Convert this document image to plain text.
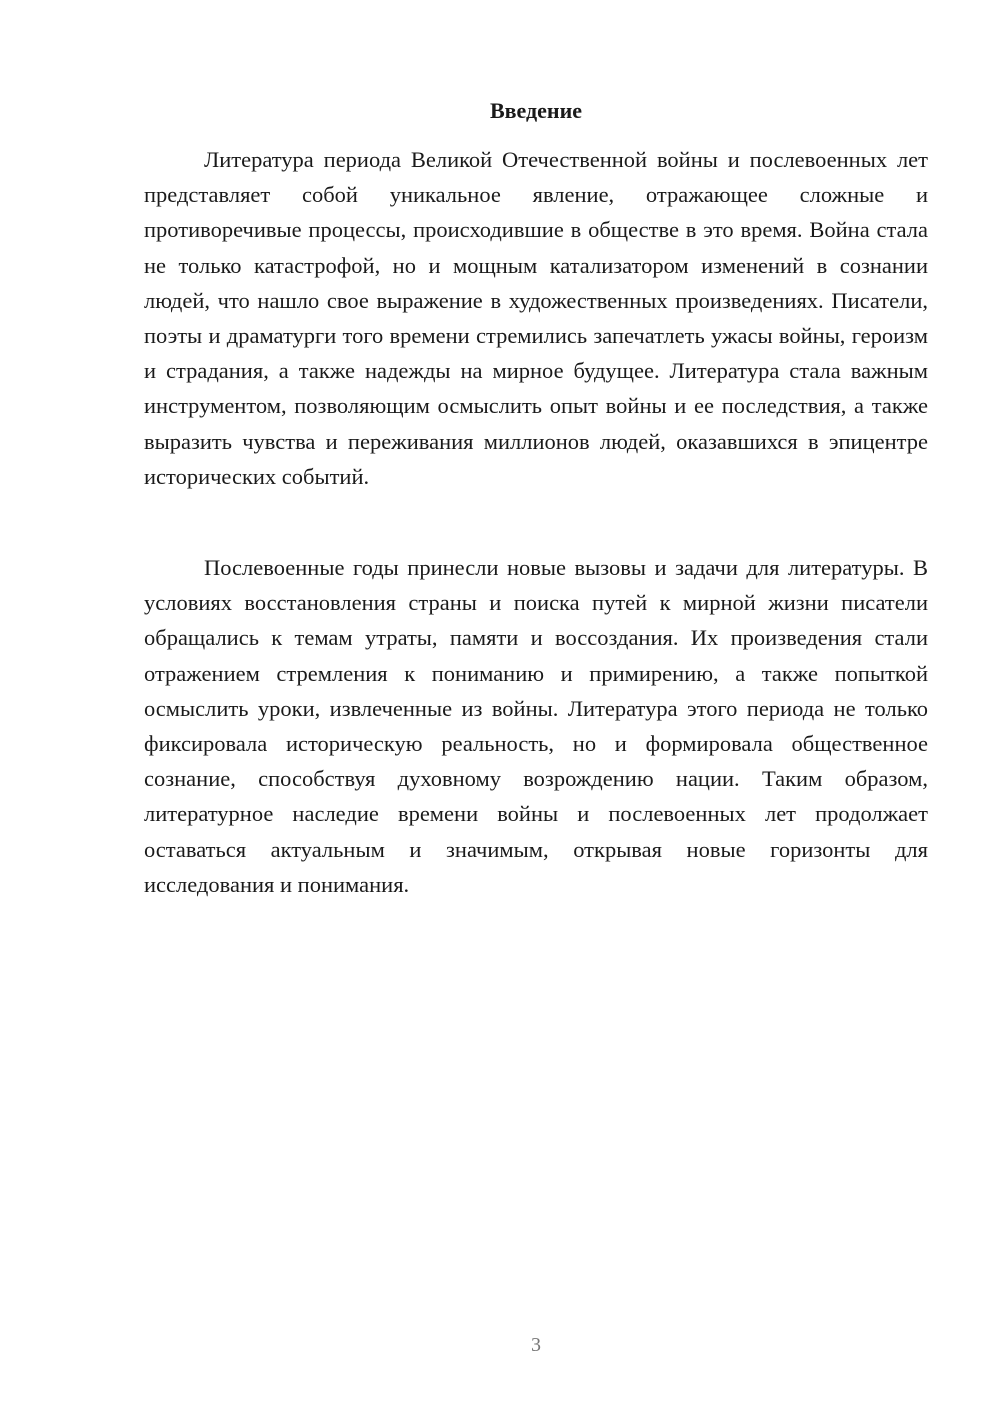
Введение

Литература периода Великой Отечественной войны и послевоенных лет представляет собой уникальное явление, отражающее сложные и противоречивые процессы, происходившие в обществе в это время. Война стала не только катастрофой, но и мощным катализатором изменений в сознании людей, что нашло свое выражение в художественных произведениях. Писатели, поэты и драматурги того времени стремились запечатлеть ужасы войны, героизм и страдания, а также надежды на мирное будущее. Литература стала важным инструментом, позволяющим осмыслить опыт войны и ее последствия, а также выразить чувства и переживания миллионов людей, оказавшихся в эпицентре исторических событий.

Послевоенные годы принесли новые вызовы и задачи для литературы. В условиях восстановления страны и поиска путей к мирной жизни писатели обращались к темам утраты, памяти и воссоздания. Их произведения стали отражением стремления к пониманию и примирению, а также попыткой осмыслить уроки, извлеченные из войны. Литература этого периода не только фиксировала историческую реальность, но и формировала общественное сознание, способствуя духовному возрождению нации. Таким образом, литературное наследие времени войны и послевоенных лет продолжает оставаться актуальным и значимым, открывая новые горизонты для исследования и понимания.

3
